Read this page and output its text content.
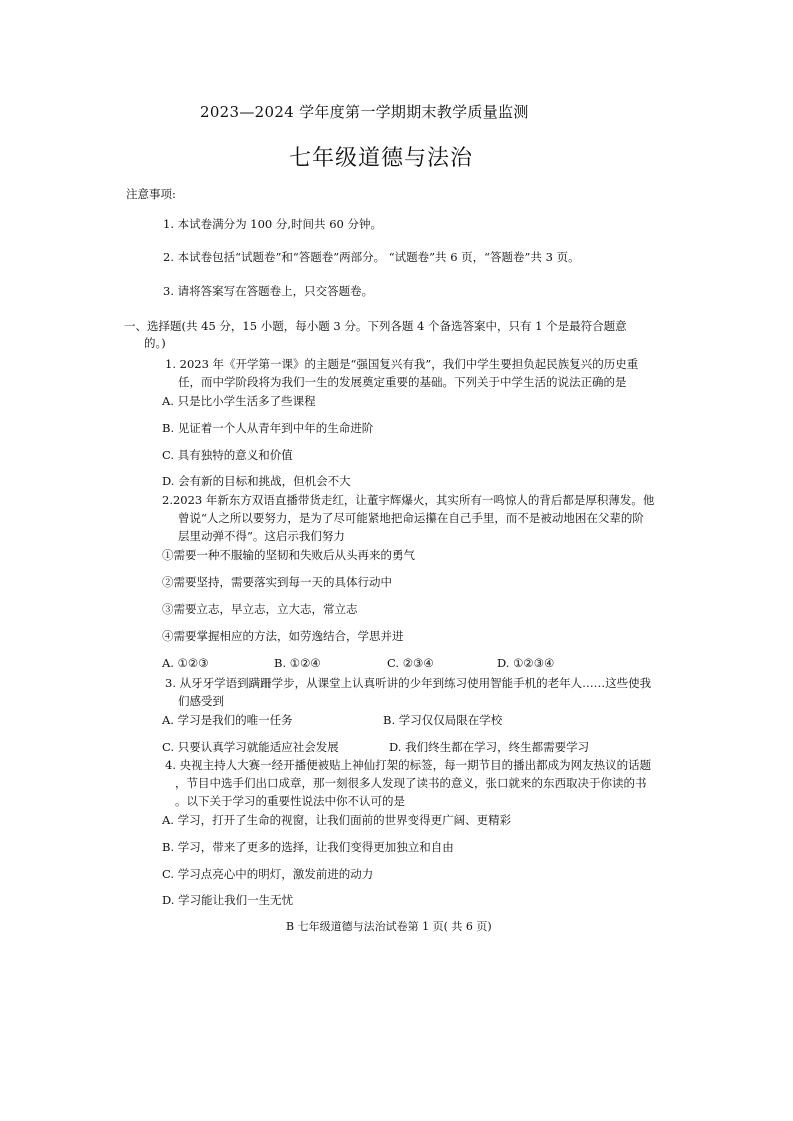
2023—2024 学年度第一学期期末教学质量监测
七年级道德与法治
注意事项:
1. 本试卷满分为 100 分,时间共 60 分钟。
2. 本试卷包括“试题卷”和“答题卷”两部分。 “试题卷”共 6 页，“答题卷”共 3 页。
3. 请将答案写在答题卷上，只交答题卷。
一、选择题(共 45 分，15 小题，每小题 3 分。下列各题 4 个备选答案中，只有 1 个是最符合题意
的。)
1. 2023 年《开学第一课》的主题是“强国复兴有我”，我们中学生要担负起民族复兴的历史重
任，而中学阶段将为我们一生的发展奠定重要的基础。下列关于中学生活的说法正确的是
A. 只是比小学生活多了些课程
B. 见证着一个人从青年到中年的生命进阶
C. 具有独特的意义和价值
D. 会有新的目标和挑战，但机会不大
2.2023 年新东方双语直播带货走红，让董宇辉爆火，其实所有一鸣惊人的背后都是厚积薄发。他
曾说“人之所以要努力，是为了尽可能紧地把命运攥在自己手里，而不是被动地困在父辈的阶
层里动弹不得”。这启示我们努力
①需要一种不服输的坚韧和失败后从头再来的勇气
②需要坚持，需要落实到每一天的具体行动中
③需要立志，早立志，立大志，常立志
④需要掌握相应的方法，如劳逸结合，学思并进
A. ①②③	B. ①②④	C. ②③④	D. ①②③④
3. 从牙牙学语到蹒跚学步，从课堂上认真听讲的少年到练习使用智能手机的老年人……这些使我
们感受到
A. 学习是我们的唯一任务	B. 学习仅仅局限在学校
C. 只要认真学习就能适应社会发展	D. 我们终生都在学习，终生都需要学习
4. 央视主持人大赛一经开播便被贴上神仙打架的标签，每一期节目的播出都成为网友热议的话题
，节目中选手们出口成章，那一刻很多人发现了读书的意义，张口就来的东西取决于你读的书
。以下关于学习的重要性说法中你不认可的是
A. 学习，打开了生命的视窗，让我们面前的世界变得更广阔、更精彩
B. 学习，带来了更多的选择，让我们变得更加独立和自由
C. 学习点亮心中的明灯，激发前进的动力
D. 学习能让我们一生无忧
B 七年级道德与法治试卷第 1 页( 共 6 页)
